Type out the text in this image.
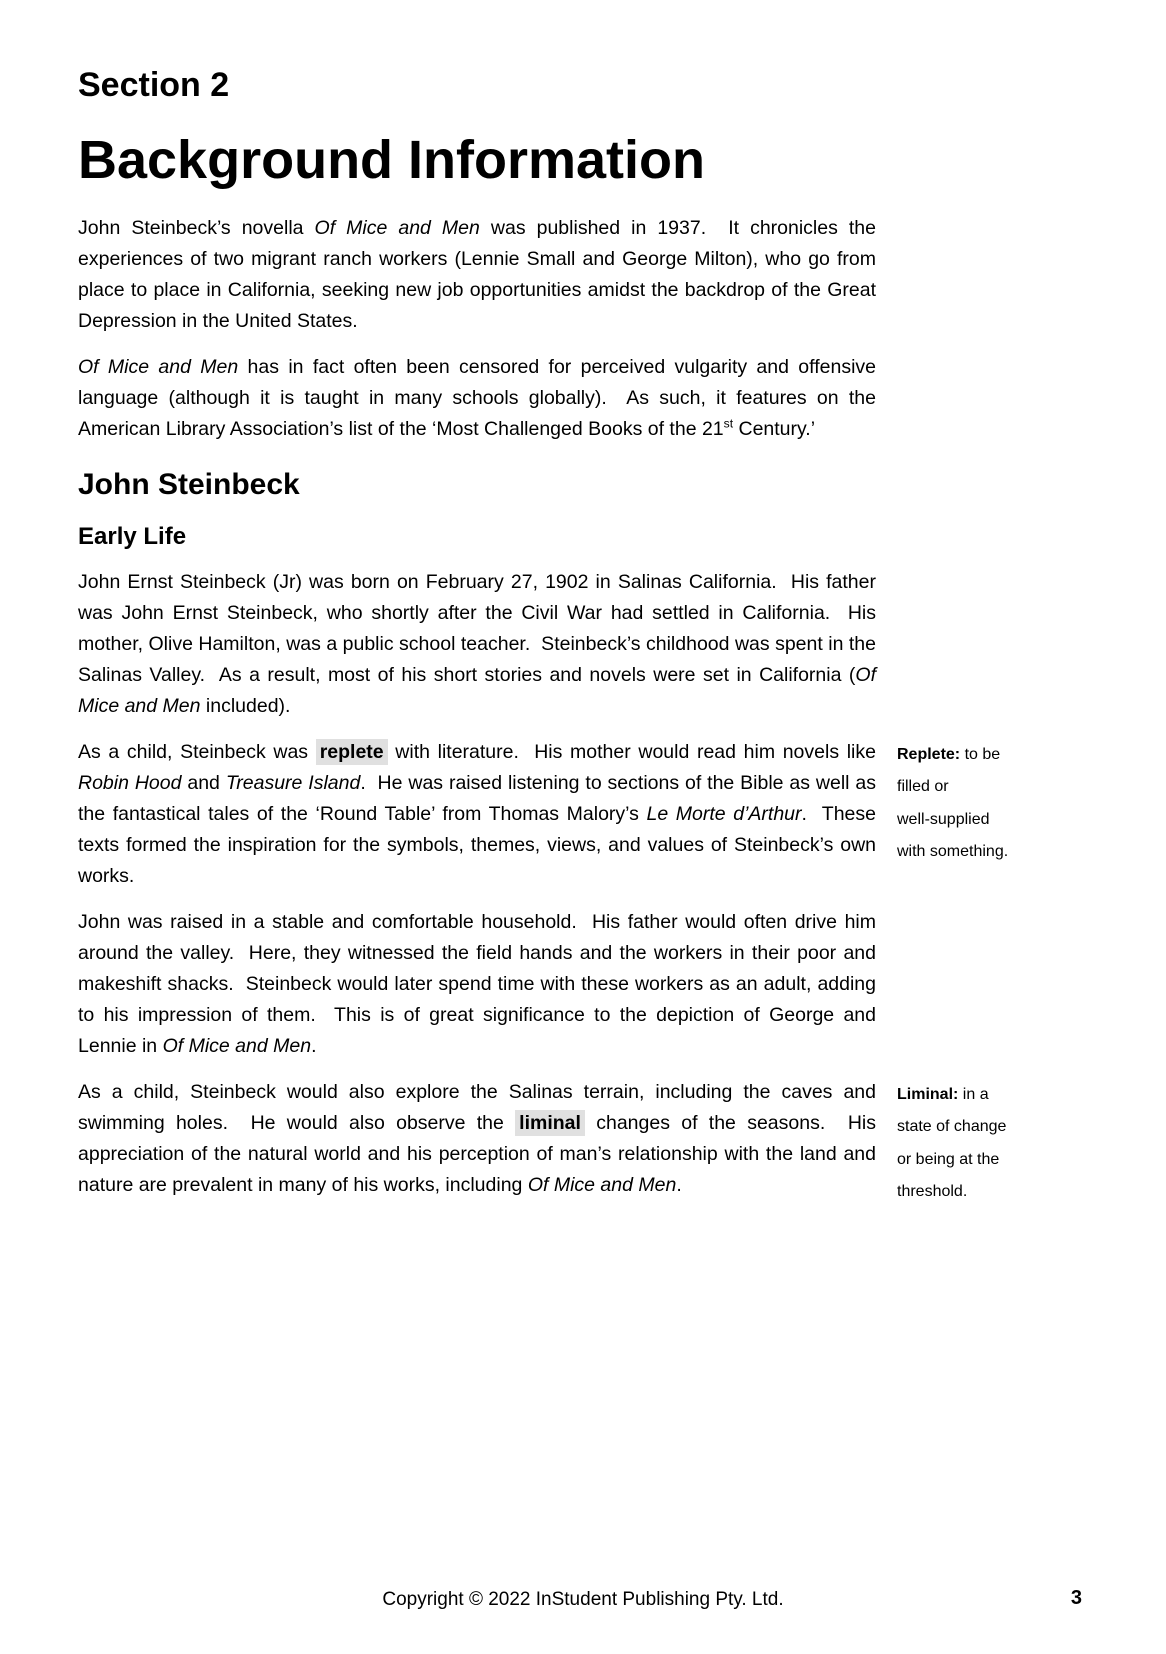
Section 2
Background Information
John Steinbeck’s novella Of Mice and Men was published in 1937.  It chronicles the experiences of two migrant ranch workers (Lennie Small and George Milton), who go from place to place in California, seeking new job opportunities amidst the backdrop of the Great Depression in the United States.
Of Mice and Men has in fact often been censored for perceived vulgarity and offensive language (although it is taught in many schools globally).  As such, it features on the American Library Association’s list of the ‘Most Challenged Books of the 21st Century.’
John Steinbeck
Early Life
John Ernst Steinbeck (Jr) was born on February 27, 1902 in Salinas California.  His father was John Ernst Steinbeck, who shortly after the Civil War had settled in California.  His mother, Olive Hamilton, was a public school teacher.  Steinbeck’s childhood was spent in the Salinas Valley.  As a result, most of his short stories and novels were set in California (Of Mice and Men included).
Replete: to be
filled or
well-supplied
with something.
As a child, Steinbeck was replete with literature.  His mother would read him novels like Robin Hood and Treasure Island.  He was raised listening to sections of the Bible as well as the fantastical tales of the ‘Round Table’ from Thomas Malory’s Le Morte d’Arthur.  These texts formed the inspiration for the symbols, themes, views, and values of Steinbeck’s own works.
John was raised in a stable and comfortable household.  His father would often drive him around the valley.  Here, they witnessed the field hands and the workers in their poor and makeshift shacks.  Steinbeck would later spend time with these workers as an adult, adding to his impression of them.  This is of great significance to the depiction of George and Lennie in Of Mice and Men.
Liminal: in a
state of change
or being at the
threshold.
As a child, Steinbeck would also explore the Salinas terrain, including the caves and swimming holes.  He would also observe the liminal changes of the seasons.  His appreciation of the natural world and his perception of man’s relationship with the land and nature are prevalent in many of his works, including Of Mice and Men.
Copyright © 2022 InStudent Publishing Pty. Ltd.	3
